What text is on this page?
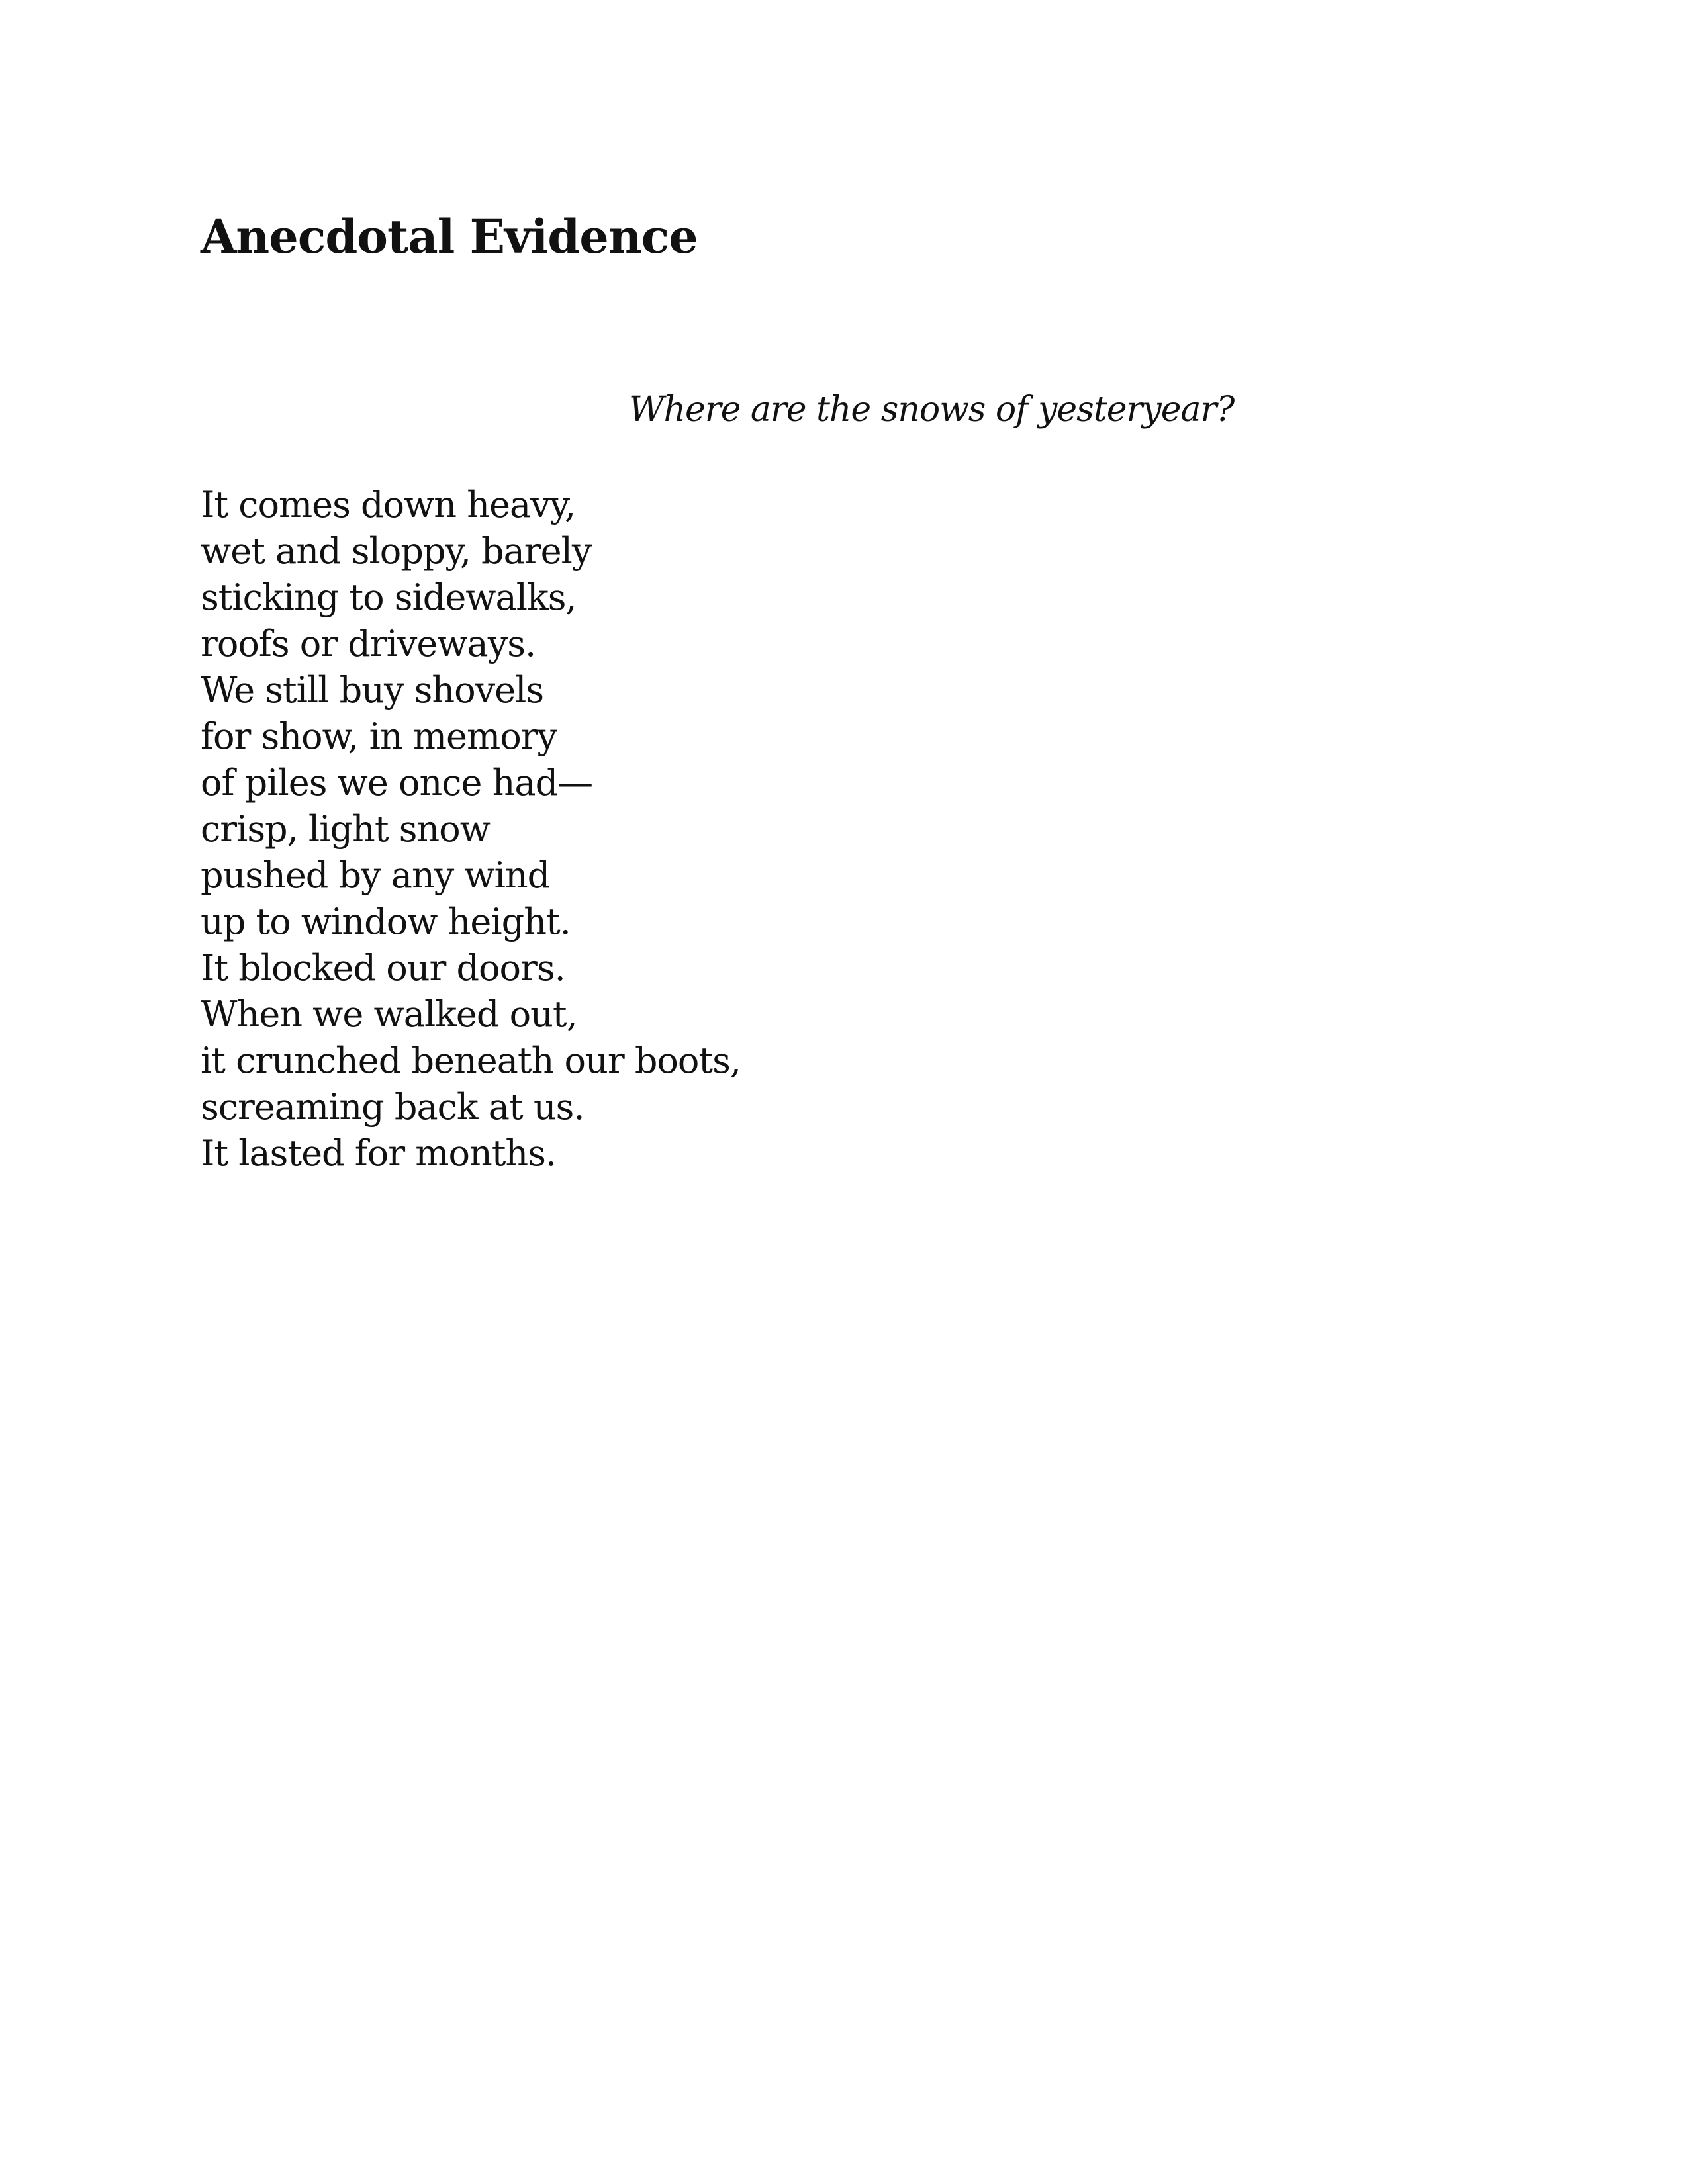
Anecdotal Evidence

Where are the snows of yesteryear?

It comes down heavy,
wet and sloppy, barely
sticking to sidewalks,
roofs or driveways.
We still buy shovels
for show, in memory
of piles we once had—
crisp, light snow
pushed by any wind
up to window height.
It blocked our doors.
When we walked out,
it crunched beneath our boots,
screaming back at us.
It lasted for months.
